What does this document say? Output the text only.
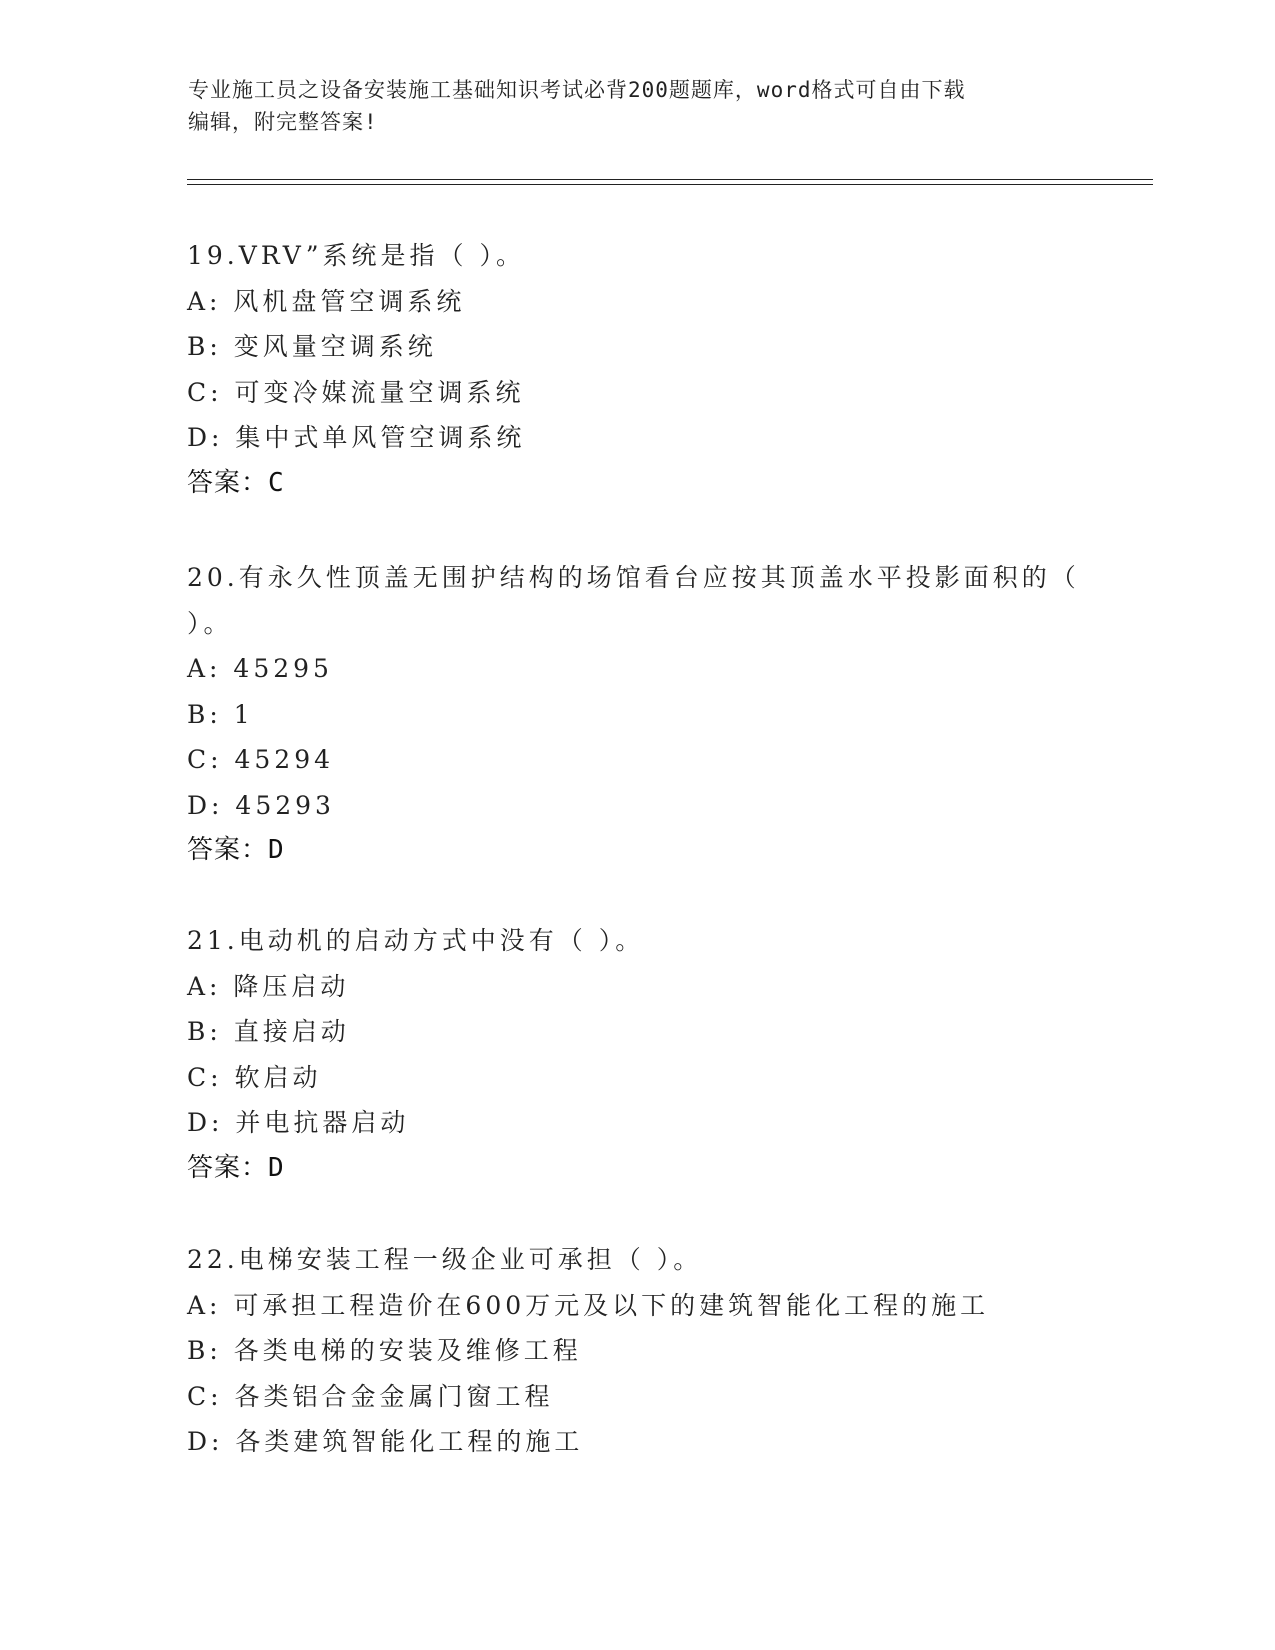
专业施工员之设备安装施工基础知识考试必背200题题库，word格式可自由下载
编辑，附完整答案!
19.VRV”系统是指（ ）。
A: 风机盘管空调系统
B: 变风量空调系统
C: 可变冷媒流量空调系统
D: 集中式单风管空调系统
答案：C
20.有永久性顶盖无围护结构的场馆看台应按其顶盖水平投影面积的（
）。
A: 45295
B: 1
C: 45294
D: 45293
答案：D
21.电动机的启动方式中没有（ ）。
A: 降压启动
B: 直接启动
C: 软启动
D: 并电抗器启动
答案：D
22.电梯安装工程一级企业可承担（ ）。
A: 可承担工程造价在600万元及以下的建筑智能化工程的施工
B: 各类电梯的安装及维修工程
C: 各类铝合金金属门窗工程
D: 各类建筑智能化工程的施工
